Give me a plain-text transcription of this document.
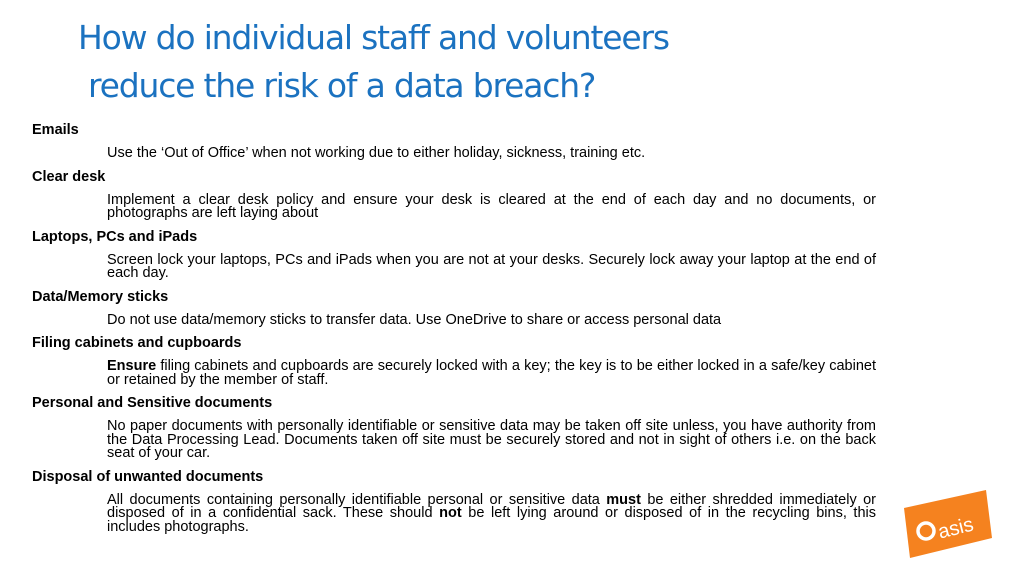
How do individual staff and volunteers
reduce the risk of a data breach?
Emails
Use the ‘Out of Office’ when not working due to either holiday, sickness, training etc.
Clear desk
Implement a clear desk policy and ensure your desk is cleared at the end of each day and no documents, or photographs are left laying about
Laptops, PCs and iPads
Screen lock your laptops, PCs and iPads when you are not at your desks. Securely lock away your laptop at the end of each day.
Data/Memory sticks
Do not use data/memory sticks to transfer data. Use OneDrive to share or access personal data
Filing cabinets and cupboards
Ensure filing cabinets and cupboards are securely locked with a key; the key is to be either locked in a safe/key cabinet or retained by the member of staff.
Personal and Sensitive documents
No paper documents with personally identifiable or sensitive data may be taken off site unless, you have authority from the Data Processing Lead. Documents taken off site must be securely stored and not in sight of others i.e. on the back seat of your car.
Disposal of unwanted documents
All documents containing personally identifiable personal or sensitive data must be either shredded immediately or disposed of in a confidential sack. These should not be left lying around or disposed of in the recycling bins, this includes photographs.	asis
